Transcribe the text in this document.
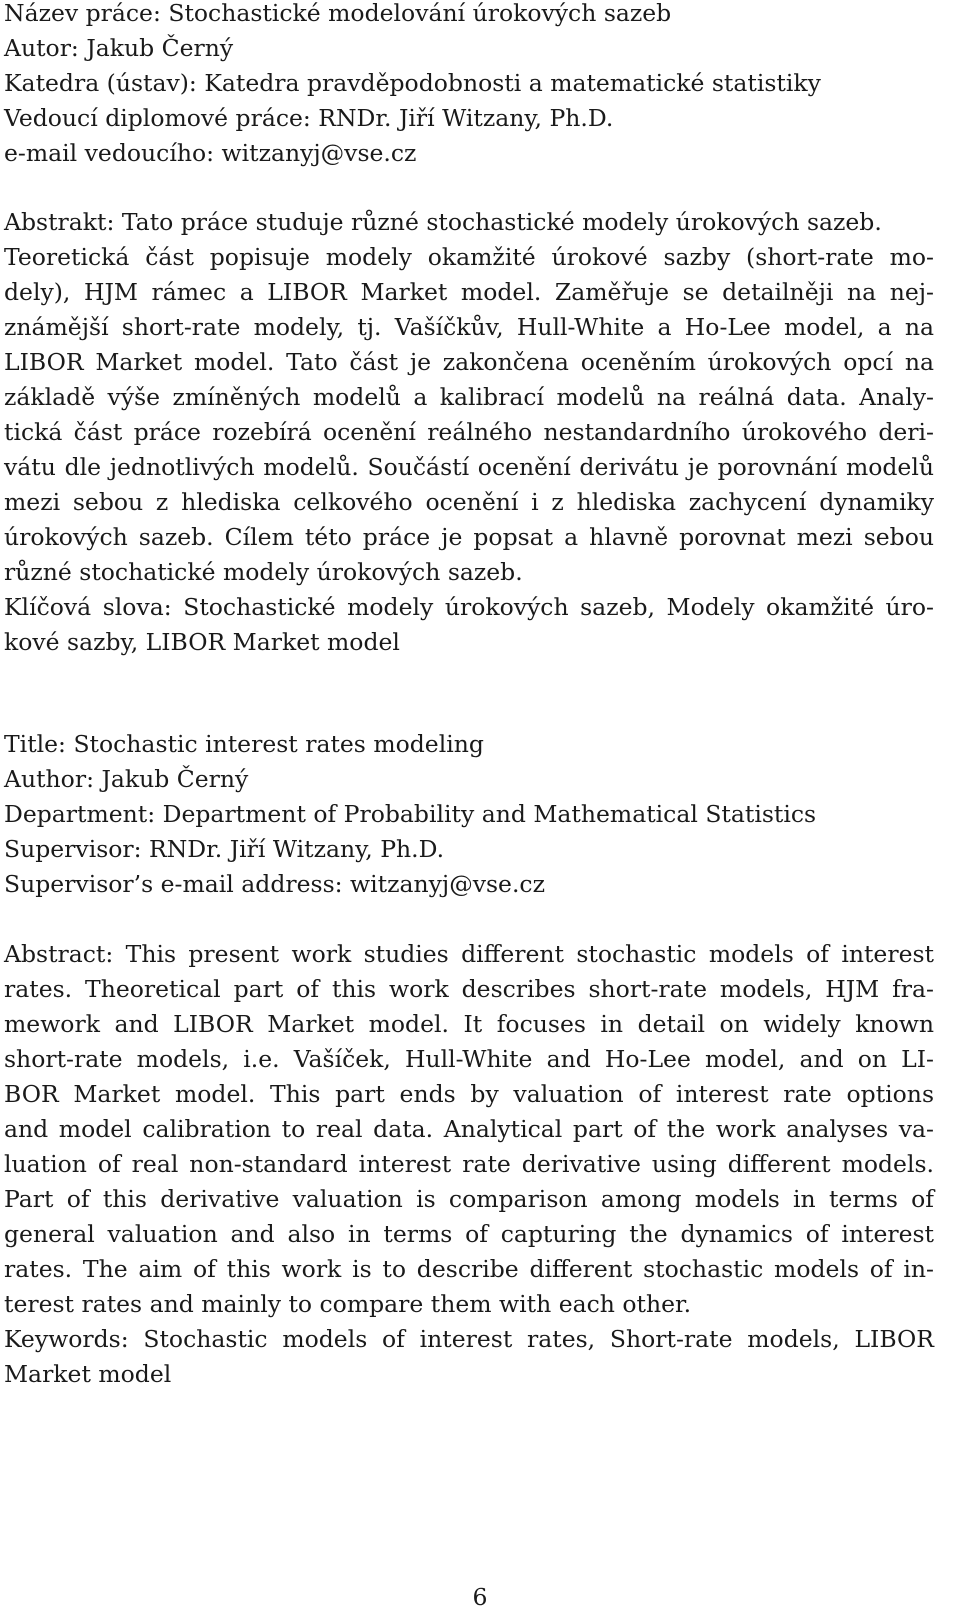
Název práce: Stochastické modelování úrokových sazeb
Autor: Jakub Černý
Katedra (ústav): Katedra pravděpodobnosti a matematické statistiky
Vedoucí diplomové práce: RNDr. Jiří Witzany, Ph.D.
e-mail vedoucího: witzanyj@vse.cz
Abstrakt: Tato práce studuje různé stochastické modely úrokových sazeb.
Teoretická část popisuje modely okamžité úrokové sazby (short-rate mo-
dely), HJM rámec a LIBOR Market model. Zaměřuje se detailněji na nej-
známější short-rate modely, tj. Vašíčkův, Hull-White a Ho-Lee model, a na
LIBOR Market model. Tato část je zakončena oceněním úrokových opcí na
základě výše zmíněných modelů a kalibrací modelů na reálná data. Analy-
tická část práce rozebírá ocenění reálného nestandardního úrokového deri-
vátu dle jednotlivých modelů. Součástí ocenění derivátu je porovnání modelů
mezi sebou z hlediska celkového ocenění i z hlediska zachycení dynamiky
úrokových sazeb. Cílem této práce je popsat a hlavně porovnat mezi sebou
různé stochatické modely úrokových sazeb.
Klíčová slova: Stochastické modely úrokových sazeb, Modely okamžité úro-
kové sazby, LIBOR Market model
Title: Stochastic interest rates modeling
Author: Jakub Černý
Department: Department of Probability and Mathematical Statistics
Supervisor: RNDr. Jiří Witzany, Ph.D.
Supervisor’s e-mail address: witzanyj@vse.cz
Abstract: This present work studies different stochastic models of interest
rates. Theoretical part of this work describes short-rate models, HJM fra-
mework and LIBOR Market model. It focuses in detail on widely known
short-rate models, i.e. Vašíček, Hull-White and Ho-Lee model, and on LI-
BOR Market model. This part ends by valuation of interest rate options
and model calibration to real data. Analytical part of the work analyses va-
luation of real non-standard interest rate derivative using different models.
Part of this derivative valuation is comparison among models in terms of
general valuation and also in terms of capturing the dynamics of interest
rates. The aim of this work is to describe different stochastic models of in-
terest rates and mainly to compare them with each other.
Keywords: Stochastic models of interest rates, Short-rate models, LIBOR
Market model
6
